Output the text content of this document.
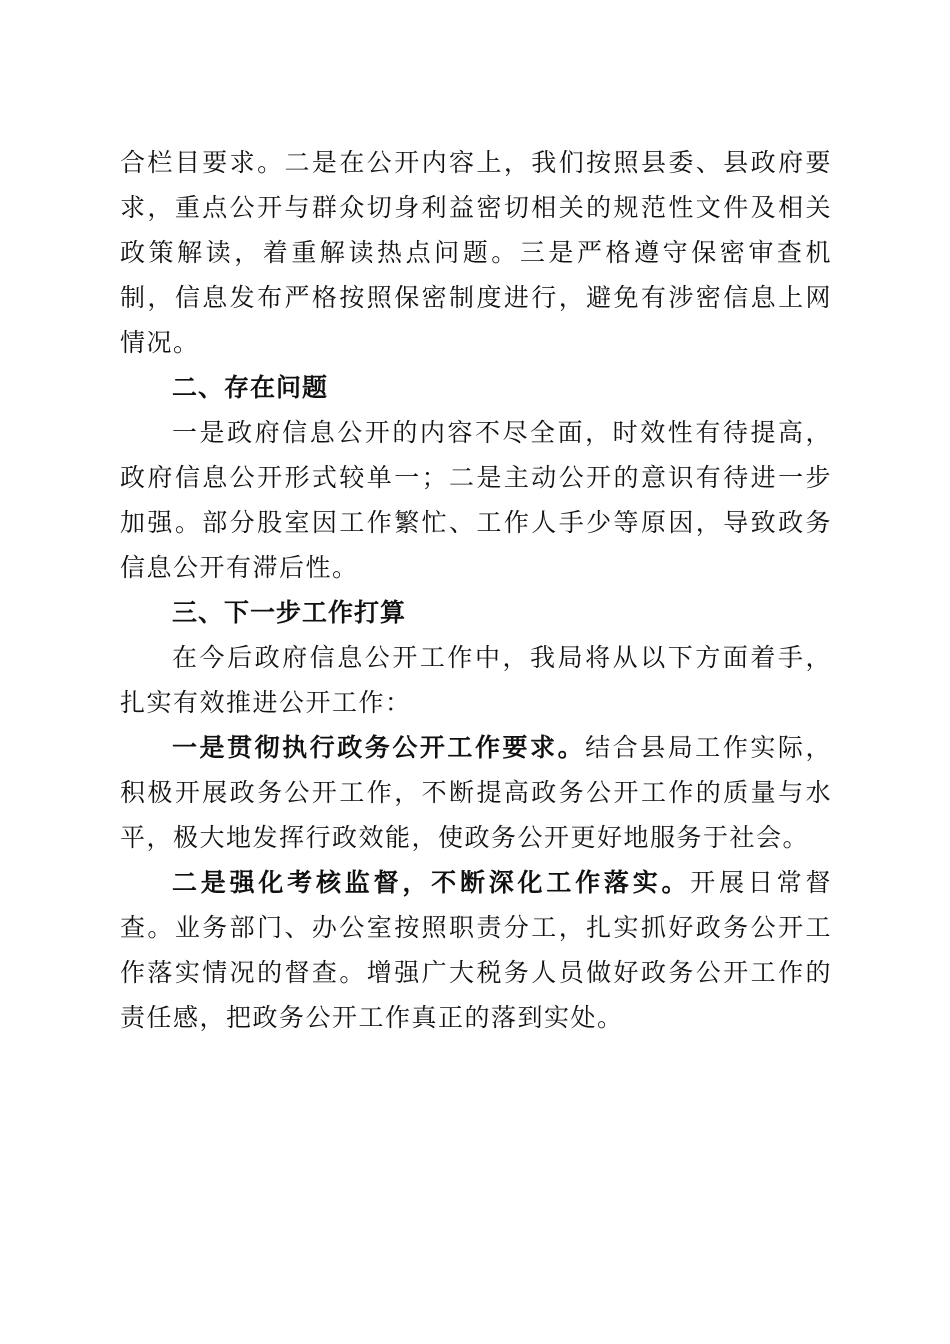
合栏目要求。二是在公开内容上，我们按照县委、县政府要求，重点公开与群众切身利益密切相关的规范性文件及相关政策解读，着重解读热点问题。三是严格遵守保密审查机制，信息发布严格按照保密制度进行，避免有涉密信息上网情况。

二、存在问题

一是政府信息公开的内容不尽全面，时效性有待提高，政府信息公开形式较单一；二是主动公开的意识有待进一步加强。部分股室因工作繁忙、工作人手少等原因，导致政务信息公开有滞后性。

三、下一步工作打算

在今后政府信息公开工作中，我局将从以下方面着手，扎实有效推进公开工作：

一是贯彻执行政务公开工作要求。结合县局工作实际，积极开展政务公开工作，不断提高政务公开工作的质量与水平，极大地发挥行政效能，使政务公开更好地服务于社会。

二是强化考核监督，不断深化工作落实。开展日常督查。业务部门、办公室按照职责分工，扎实抓好政务公开工作落实情况的督查。增强广大税务人员做好政务公开工作的责任感，把政务公开工作真正的落到实处。
